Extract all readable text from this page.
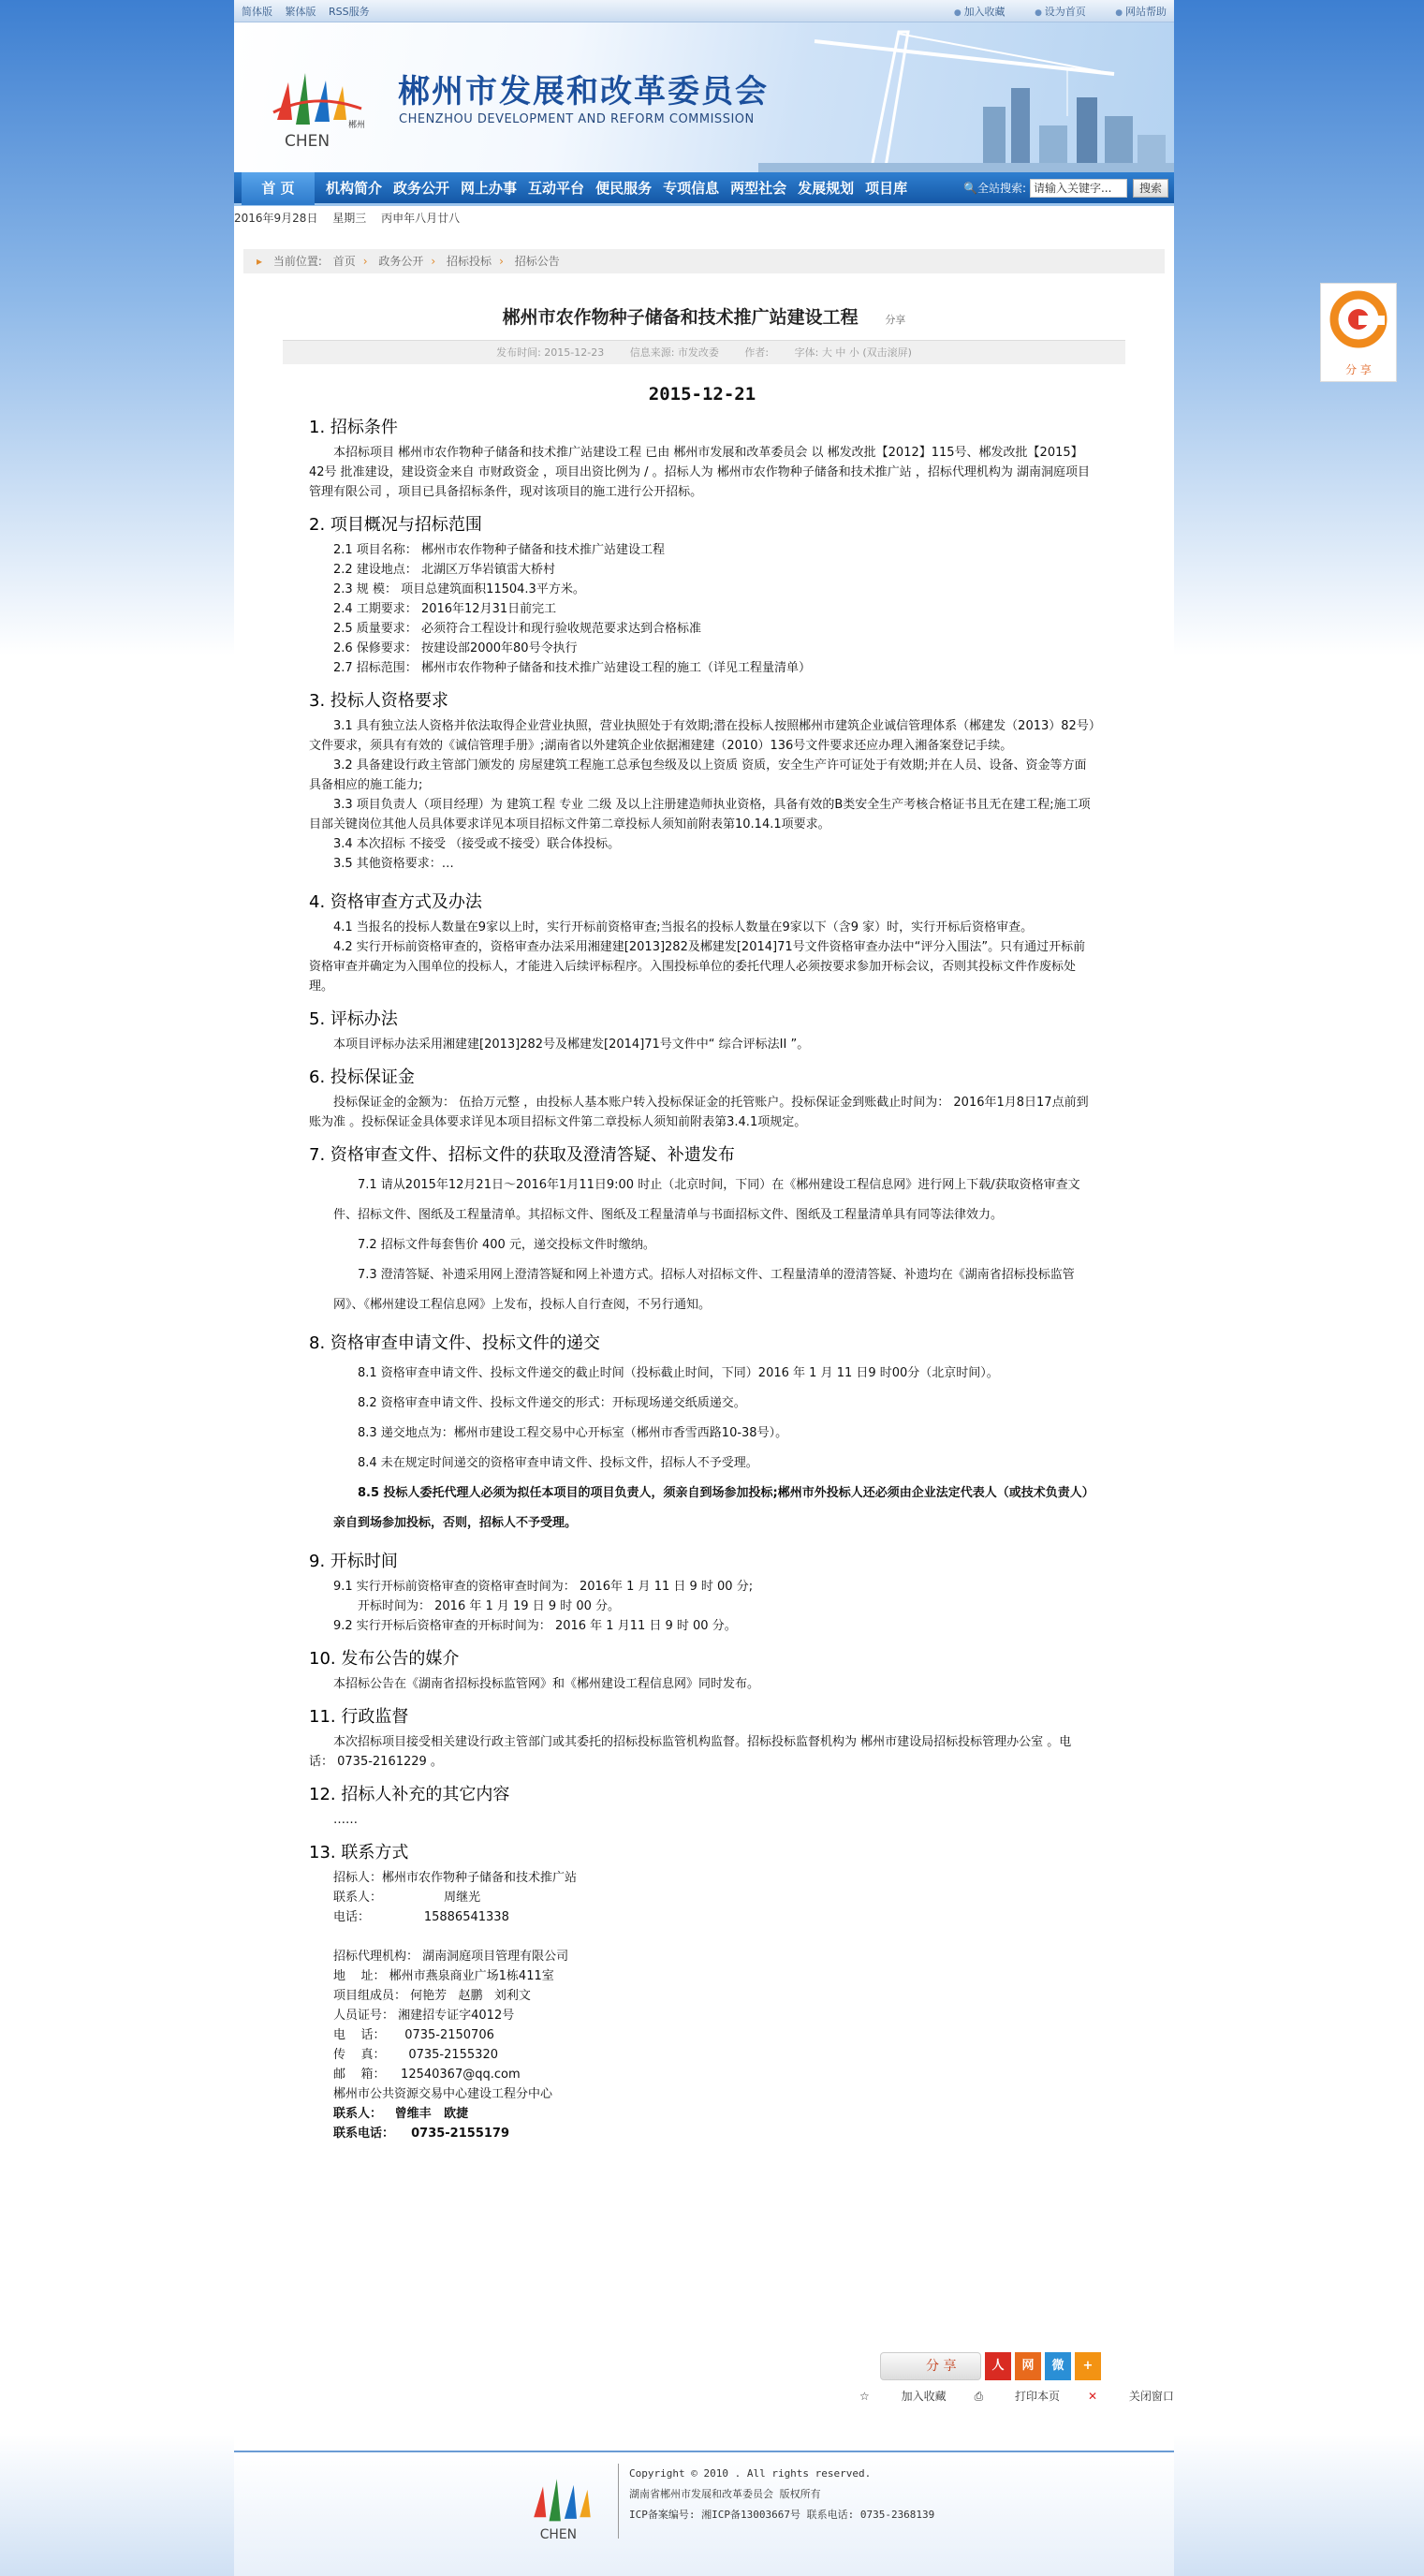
分 享
简体版 繁体版 RSS服务	● 加入收藏	● 设为首页	● 网站帮助
郴州
CHEN
郴州市发展和改革委员会
CHENZHOU DEVELOPMENT AND REFORM COMMISSION
首 页	机构简介 政务公开 网上办事 互动平台 便民服务 专项信息 两型社会 发展规划 项目库	🔍 全站搜索: 请输入关键字...	搜索
2016年9月28日 星期三 丙申年八月廿八
▸ 当前位置: 首页 › 政务公开 › 招标投标 › 招标公告
郴州市农作物种子储备和技术推广站建设工程	分享
发布时间: 2015-12-23	信息来源: 市发改委	作者:	字体: 大 中 小 (双击滚屏)
2015-12-21
1. 招标条件

本招标项目 郴州市农作物种子储备和技术推广站建设工程 已由 郴州市发展和改革委员会 以 郴发改批【2012】115号、郴发改批【2015】42号 批准建设，建设资金来自 市财政资金 ，项目出资比例为 / 。招标人为 郴州市农作物种子储备和技术推广站 ，招标代理机构为 湖南洞庭项目管理有限公司 ，项目已具备招标条件，现对该项目的施工进行公开招标。

2. 项目概况与招标范围
2.1 项目名称： 郴州市农作物种子储备和技术推广站建设工程
2.2 建设地点： 北湖区万华岩镇雷大桥村
2.3 规 模： 项目总建筑面积11504.3平方米。
2.4 工期要求： 2016年12月31日前完工
2.5 质量要求： 必须符合工程设计和现行验收规范要求达到合格标准
2.6 保修要求： 按建设部2000年80号令执行
2.7 招标范围： 郴州市农作物种子储备和技术推广站建设工程的施工（详见工程量清单）
3. 投标人资格要求

3.1 具有独立法人资格并依法取得企业营业执照，营业执照处于有效期;潜在投标人按照郴州市建筑企业诚信管理体系（郴建发（2013）82号）文件要求，须具有有效的《诚信管理手册》;湖南省以外建筑企业依据湘建建（2010）136号文件要求还应办理入湘备案登记手续。

3.2 具备建设行政主管部门颁发的 房屋建筑工程施工总承包叁级及以上资质 资质，安全生产许可证处于有效期;并在人员、设备、资金等方面具备相应的施工能力;

3.3 项目负责人（项目经理）为 建筑工程 专业 二级 及以上注册建造师执业资格，具备有效的B类安全生产考核合格证书且无在建工程;施工项目部关键岗位其他人员具体要求详见本项目招标文件第二章投标人须知前附表第10.14.1项要求。

3.4 本次招标 不接受 （接受或不接受）联合体投标。

3.5 其他资格要求：…

4. 资格审查方式及办法

4.1 当报名的投标人数量在9家以上时，实行开标前资格审查;当报名的投标人数量在9家以下（含9 家）时，实行开标后资格审查。

4.2 实行开标前资格审查的，资格审查办法采用湘建建[2013]282及郴建发[2014]71号文件资格审查办法中“评分入围法”。只有通过开标前资格审查并确定为入围单位的投标人，才能进入后续评标程序。入围投标单位的委托代理人必须按要求参加开标会议，否则其投标文件作废标处理。

5. 评标办法

本项目评标办法采用湘建建[2013]282号及郴建发[2014]71号文件中“ 综合评标法II ”。

6. 投标保证金

投标保证金的金额为： 伍拾万元整 ，由投标人基本账户转入投标保证金的托管账户。投标保证金到账截止时间为： 2016年1月8日17点前到账为准 。投标保证金具体要求详见本项目招标文件第二章投标人须知前附表第3.4.1项规定。

7. 资格审查文件、招标文件的获取及澄清答疑、补遗发布

7.1 请从2015年12月21日～2016年1月11日9:00 时止（北京时间，下同）在《郴州建设工程信息网》进行网上下载/获取资格审查文件、招标文件、图纸及工程量清单。其招标文件、图纸及工程量清单与书面招标文件、图纸及工程量清单具有同等法律效力。

7.2 招标文件每套售价 400 元，递交投标文件时缴纳。

7.3 澄清答疑、补遗采用网上澄清答疑和网上补遗方式。招标人对招标文件、工程量清单的澄清答疑、补遗均在《湖南省招标投标监管网》、《郴州建设工程信息网》上发布，投标人自行查阅，不另行通知。

8. 资格审查申请文件、投标文件的递交

8.1 资格审查申请文件、投标文件递交的截止时间（投标截止时间，下同）2016 年 1 月 11 日9 时00分（北京时间）。

8.2 资格审查申请文件、投标文件递交的形式：开标现场递交纸质递交。

8.3 递交地点为：郴州市建设工程交易中心开标室（郴州市香雪西路10-38号）。

8.4 未在规定时间递交的资格审查申请文件、投标文件，招标人不予受理。

8.5 投标人委托代理人必须为拟任本项目的项目负责人，须亲自到场参加投标;郴州市外投标人还必须由企业法定代表人（或技术负责人）亲自到场参加投标，否则，招标人不予受理。

9. 开标时间
9.1 实行开标前资格审查的资格审查时间为： 2016年 1 月 11 日 9 时 00 分;
开标时间为： 2016 年 1 月 19 日 9 时 00 分。
9.2 实行开标后资格审查的开标时间为： 2016 年 1 月11 日 9 时 00 分。
10. 发布公告的媒介

本招标公告在《湖南省招标投标监管网》和《郴州建设工程信息网》同时发布。

11. 行政监督

本次招标项目接受相关建设行政主管部门或其委托的招标投标监管机构监督。招标投标监督机构为 郴州市建设局招标投标管理办公室 。电话： 0735-2161229 。

12. 招标人补充的其它内容

……

13. 联系方式
招标人：郴州市农作物种子储备和技术推广站
联系人：                周继光
电话：              15886541338
招标代理机构： 湖南洞庭项目管理有限公司
地    址： 郴州市燕泉商业广场1栋411室
项目组成员： 何艳芳   赵鹏   刘利文
人员证号： 湘建招专证字4012号
电    话：     0735-2150706
传    真：      0735-2155320
邮    箱：    12540367@qq.com
郴州市公共资源交易中心建设工程分中心
联系人：   曾维丰   欧捷
联系电话：    0735-2155179
分 享	人	网	微	+
☆	加入收藏	⎙	打印本页	✕	关闭窗口
CHEN
Copyright © 2010 . All rights reserved.
湖南省郴州市发展和改革委员会 版权所有
ICP备案编号: 湘ICP备13003667号 联系电话: 0735-2368139
